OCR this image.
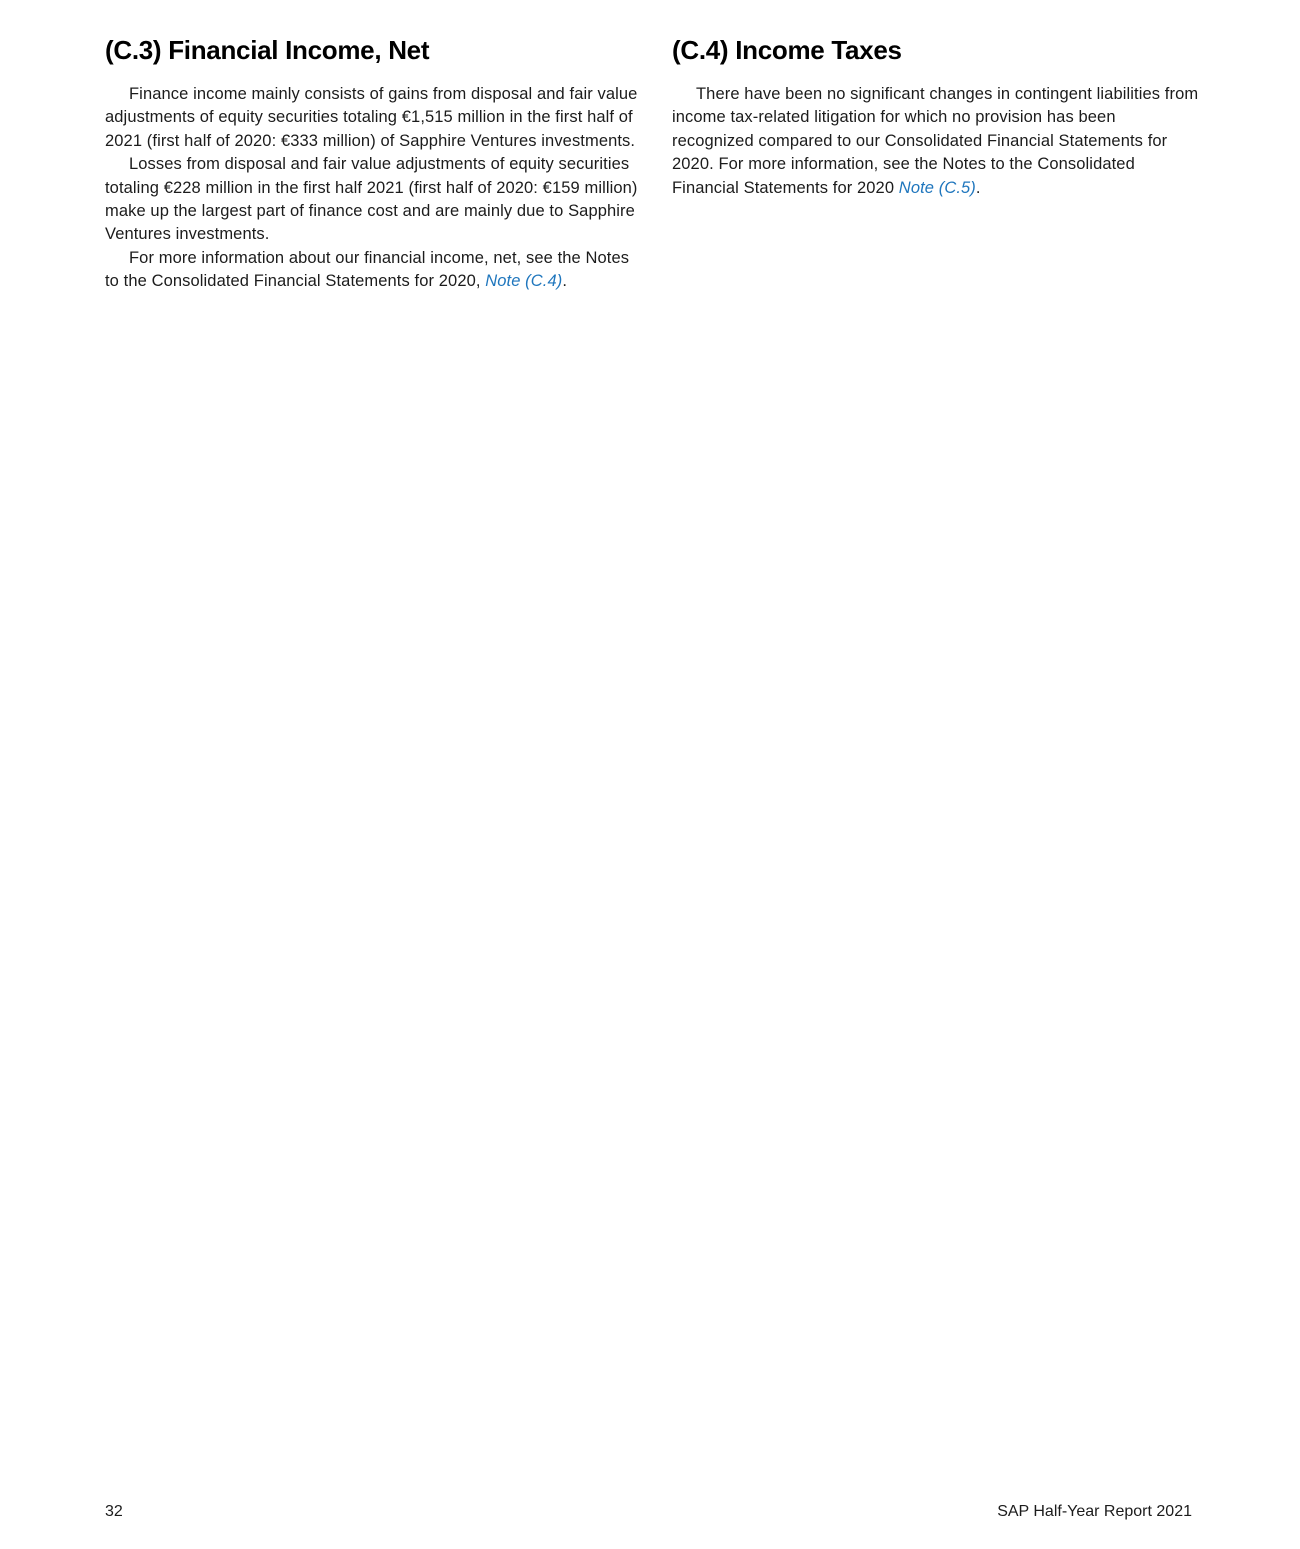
(C.3) Financial Income, Net

Finance income mainly consists of gains from disposal and fair value adjustments of equity securities totaling €1,515 million in the first half of 2021 (first half of 2020: €333 million) of Sapphire Ventures investments.

Losses from disposal and fair value adjustments of equity securities totaling €228 million in the first half 2021 (first half of 2020: €159 million) make up the largest part of finance cost and are mainly due to Sapphire Ventures investments.

For more information about our financial income, net, see the Notes to the Consolidated Financial Statements for 2020, Note (C.4).

(C.4) Income Taxes

There have been no significant changes in contingent liabilities from income tax-related litigation for which no provision has been recognized compared to our Consolidated Financial Statements for 2020. For more information, see the Notes to the Consolidated Financial Statements for 2020 Note (C.5).

32	SAP Half-Year Report 2021
